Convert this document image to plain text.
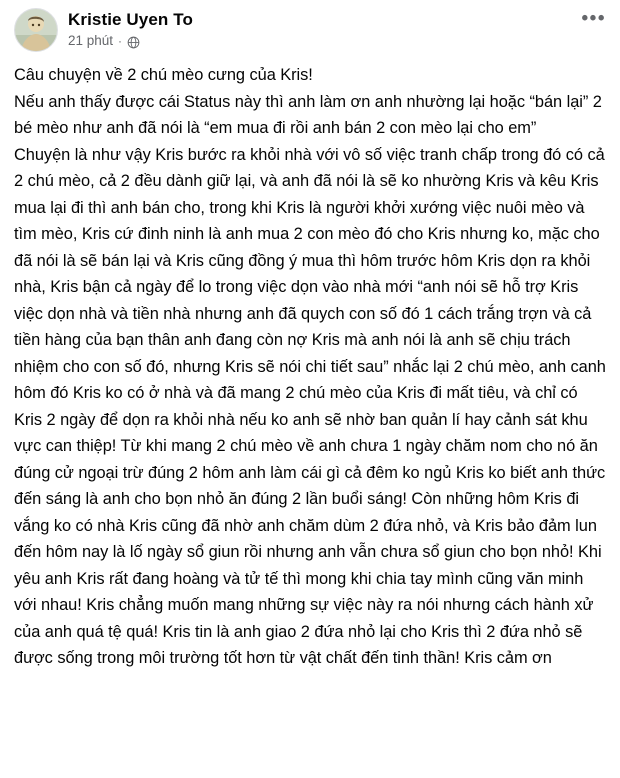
Kristie Uyen To
21 phút ·
•••

Câu chuyện về 2 chú mèo cưng của Kris!

Nếu anh thấy được cái Status này thì anh làm ơn anh nhường lại hoặc “bán lại” 2 bé mèo như anh đã nói là “em mua đi rồi anh bán 2 con mèo lại cho em”

Chuyện là như vậy Kris bước ra khỏi nhà với vô số việc tranh chấp trong đó có cả 2 chú mèo, cả 2 đều dành giữ lại, và anh đã nói là sẽ ko nhường Kris và kêu Kris mua lại đi thì anh bán cho, trong khi Kris là người khởi xướng việc nuôi mèo và tìm mèo, Kris cứ đinh ninh là anh mua 2 con mèo đó cho Kris nhưng ko, mặc cho đã nói là sẽ bán lại và Kris cũng đồng ý mua thì hôm trước hôm Kris dọn ra khỏi nhà, Kris bận cả ngày để lo trong việc dọn vào nhà mới “anh nói sẽ hỗ trợ Kris việc dọn nhà và tiền nhà nhưng anh đã quych con số đó 1 cách trắng trợn và cả tiền hàng của bạn thân anh đang còn nợ Kris mà anh nói là anh sẽ chịu trách nhiệm cho con số đó, nhưng Kris sẽ nói chi tiết sau” nhắc lại 2 chú mèo, anh canh hôm đó Kris ko có ở nhà và đã mang 2 chú mèo của Kris đi mất tiêu, và chỉ có Kris 2 ngày để dọn ra khỏi nhà nếu ko anh sẽ nhờ ban quản lí hay cảnh sát khu vực can thiệp! Từ khi mang 2 chú mèo về anh chưa 1 ngày chăm nom cho nó ăn đúng cử ngoại trừ đúng 2 hôm anh làm cái gì cả đêm ko ngủ Kris ko biết anh thức đến sáng là anh cho bọn nhỏ ăn đúng 2 lần buổi sáng! Còn những hôm Kris đi vắng ko có nhà Kris cũng đã nhờ anh chăm dùm 2 đứa nhỏ, và Kris bảo đảm lun đến hôm nay là lố ngày sổ giun rồi nhưng anh vẫn chưa sổ giun cho bọn nhỏ! Khi yêu anh Kris rất đang hoàng và tử tế thì mong khi chia tay mình cũng văn minh với nhau! Kris chẳng muốn mang những sự việc này ra nói nhưng cách hành xử của anh quá tệ quá! Kris tin là anh giao 2 đứa nhỏ lại cho Kris thì 2 đứa nhỏ sẽ được sống trong môi trường tốt hơn từ vật chất đến tinh thần! Kris cảm ơn
